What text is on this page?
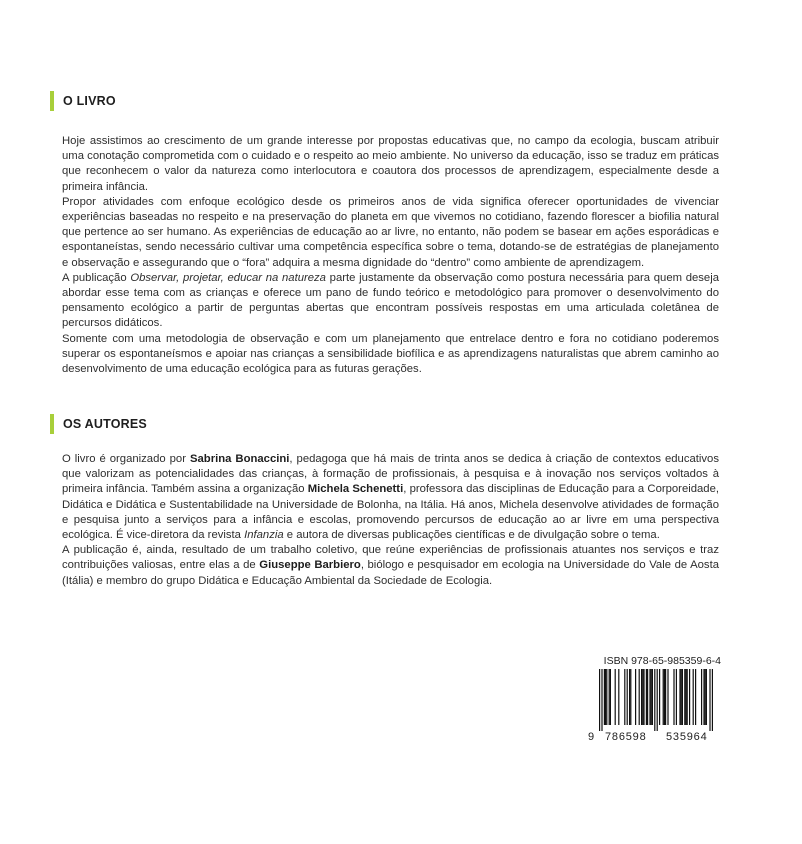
O LIVRO

Hoje assistimos ao crescimento de um grande interesse por propostas educativas que, no campo da ecologia, buscam atribuir uma conotação comprometida com o cuidado e o respeito ao meio ambiente. No universo da educação, isso se traduz em práticas que reconhecem o valor da natureza como interlocutora e coautora dos processos de aprendizagem, especialmente desde a primeira infância.

Propor atividades com enfoque ecológico desde os primeiros anos de vida significa oferecer oportunidades de vivenciar experiências baseadas no respeito e na preservação do planeta em que vivemos no cotidiano, fazendo florescer a biofilia natural que pertence ao ser humano. As experiências de educação ao ar livre, no entanto, não podem se basear em ações esporádicas e espontaneístas, sendo necessário cultivar uma competência específica sobre o tema, dotando-se de estratégias de planejamento e observação e assegurando que o “fora” adquira a mesma dignidade do “dentro” como ambiente de aprendizagem.

A publicação Observar, projetar, educar na natureza parte justamente da observação como postura necessária para quem deseja abordar esse tema com as crianças e oferece um pano de fundo teórico e metodológico para promover o desenvolvimento do pensamento ecológico a partir de perguntas abertas que encontram possíveis respostas em uma articulada coletânea de percursos didáticos.

Somente com uma metodologia de observação e com um planejamento que entrelace dentro e fora no cotidiano poderemos superar os espontaneísmos e apoiar nas crianças a sensibilidade biofílica e as aprendizagens naturalistas que abrem caminho ao desenvolvimento de uma educação ecológica para as futuras gerações.

OS AUTORES

O livro é organizado por Sabrina Bonaccini, pedagoga que há mais de trinta anos se dedica à criação de contextos educativos que valorizam as potencialidades das crianças, à formação de profissionais, à pesquisa e à inovação nos serviços voltados à primeira infância. Também assina a organização Michela Schenetti, professora das disciplinas de Educação para a Corporeidade, Didática e Didática e Sustentabilidade na Universidade de Bolonha, na Itália. Há anos, Michela desenvolve atividades de formação e pesquisa junto a serviços para a infância e escolas, promovendo percursos de educação ao ar livre em uma perspectiva ecológica. É vice-diretora da revista Infanzia e autora de diversas publicações científicas e de divulgação sobre o tema.

A publicação é, ainda, resultado de um trabalho coletivo, que reúne experiências de profissionais atuantes nos serviços e traz contribuições valiosas, entre elas a de Giuseppe Barbiero, biólogo e pesquisador em ecologia na Universidade do Vale de Aosta (Itália) e membro do grupo Didática e Educação Ambiental da Sociedade de Ecologia.

ISBN 978-65-985359-6-4
9 786598 535964
